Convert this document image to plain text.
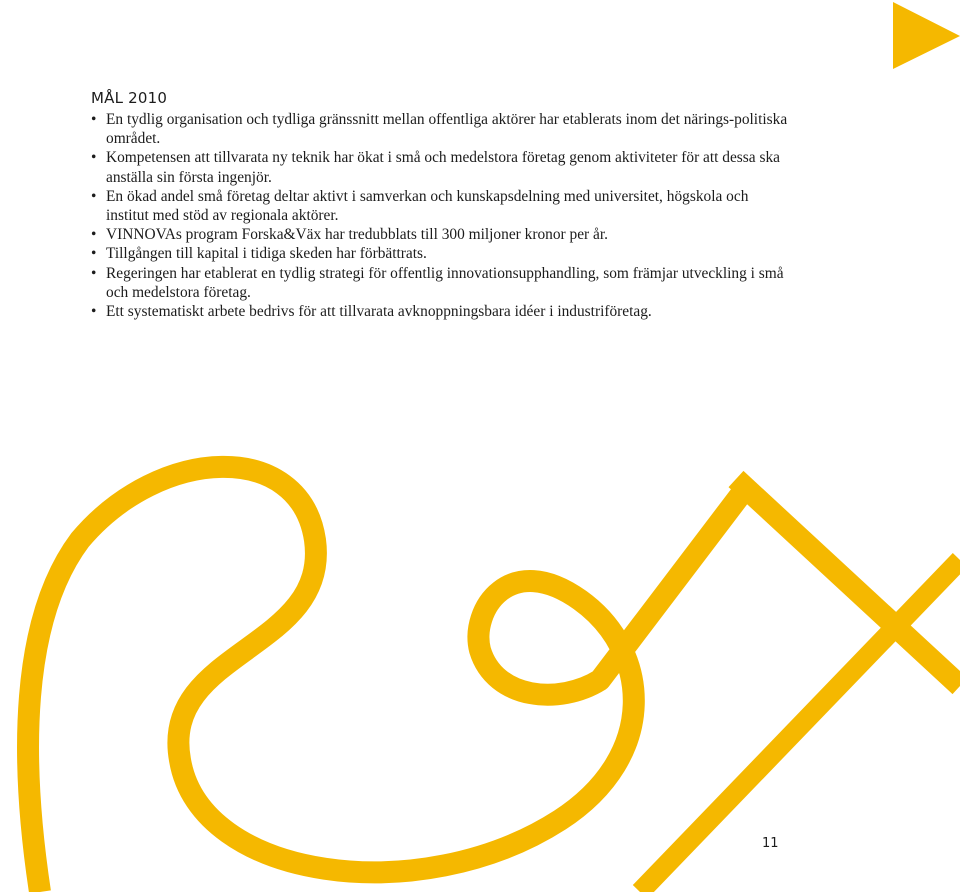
MÅL 2010
• En tydlig organisation och tydliga gränssnitt mellan offentliga aktörer har etablerats inom det närings-politiska området.
• Kompetensen att tillvarata ny teknik har ökat i små och medelstora företag genom aktiviteter för att dessa ska anställa sin första ingenjör.
• En ökad andel små företag deltar aktivt i samverkan och kunskapsdelning med universitet, högskola och institut med stöd av regionala aktörer.
• VINNOVAs program Forska&Väx har tredubblats till 300 miljoner kronor per år.
• Tillgången till kapital i tidiga skeden har förbättrats.
• Regeringen har etablerat en tydlig strategi för offentlig innovationsupphandling, som främjar utveckling i små och medelstora företag.
• Ett systematiskt arbete bedrivs för att tillvarata avknoppningsbara idéer i industriföretag.
11
